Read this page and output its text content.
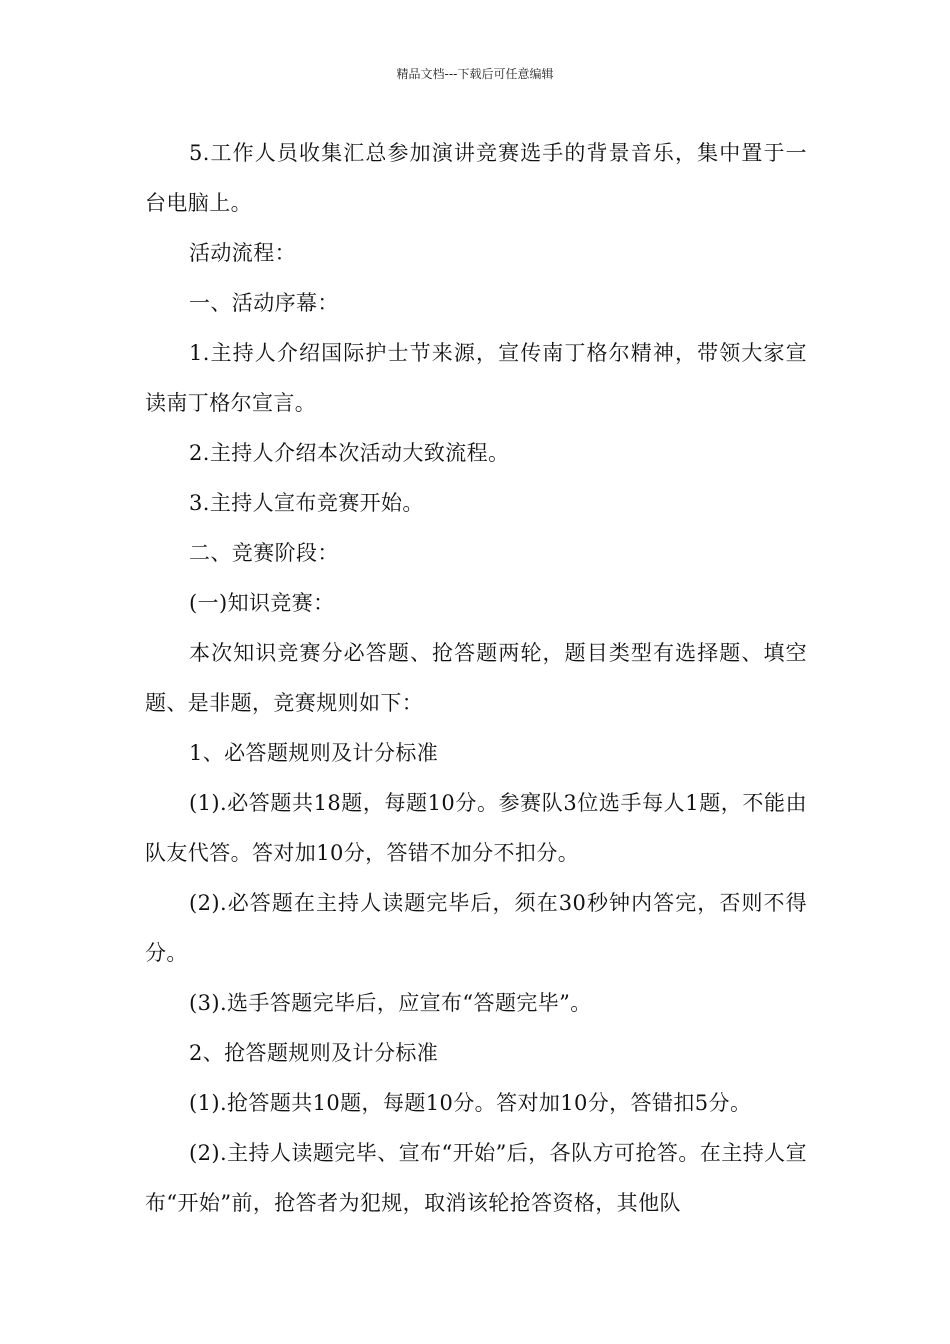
精品文档---下载后可任意编辑

5.工作人员收集汇总参加演讲竞赛选手的背景音乐，集中置于一台电脑上。

活动流程：

一、活动序幕：

1.主持人介绍国际护士节来源，宣传南丁格尔精神，带领大家宣读南丁格尔宣言。

2.主持人介绍本次活动大致流程。

3.主持人宣布竞赛开始。

二、竞赛阶段：

(一)知识竞赛：

本次知识竞赛分必答题、抢答题两轮，题目类型有选择题、填空题、是非题，竞赛规则如下：

1、必答题规则及计分标准

(1).必答题共18题，每题10分。参赛队3位选手每人1题，不能由队友代答。答对加10分，答错不加分不扣分。

(2).必答题在主持人读题完毕后，须在30秒钟内答完，否则不得分。

(3).选手答题完毕后，应宣布“答题完毕”。

2、抢答题规则及计分标准

(1).抢答题共10题，每题10分。答对加10分，答错扣5分。

(2).主持人读题完毕、宣布“开始”后，各队方可抢答。在主持人宣布“开始”前，抢答者为犯规，取消该轮抢答资格，其他队
